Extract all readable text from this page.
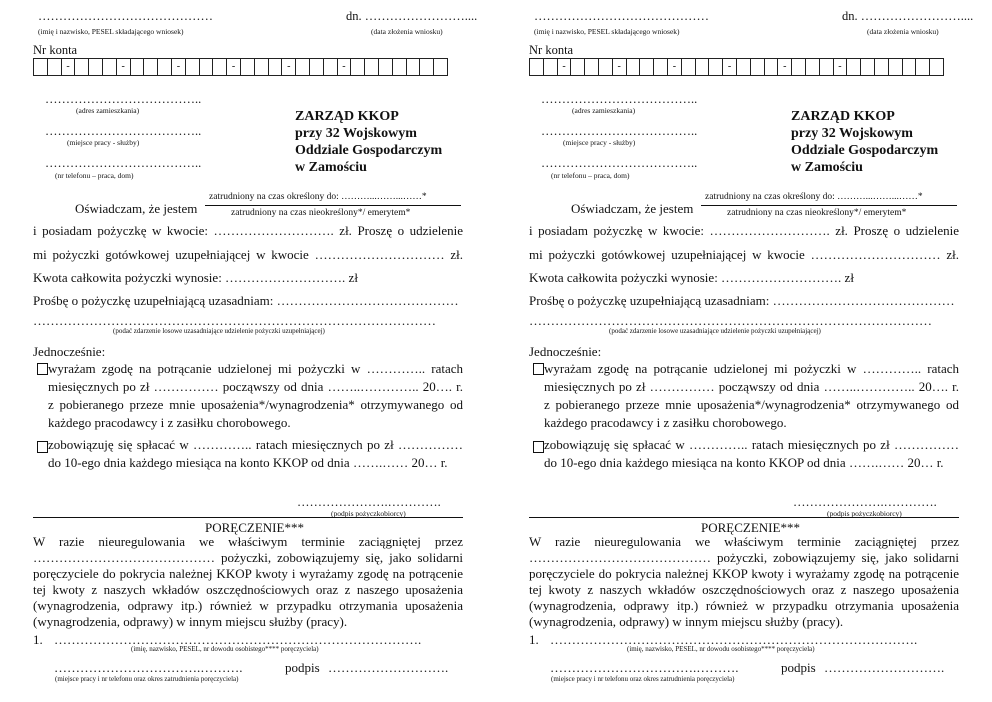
……………………………………
(imię i nazwisko, PESEL składającego wniosek)
dn. ……………………....
(data złożenia wniosku)
Nr konta
-	-	-	-	-	-
………………………………..
(adres zamieszkania)
………………………………..
(miejsce pracy - służby)
………………………………..
(nr telefonu – praca, dom)
ZARZĄD KKOP
przy 32 Wojskowym
Oddziale Gospodarczym
w Zamościu
Oświadczam, że jestem
zatrudniony na czas określony do: ………...……...……*
zatrudniony na czas nieokreślony*/ emerytem*
i posiadam pożyczkę w kwocie: ………………………. zł. Proszę o udzielenie
mi pożyczki gotówkowej uzupełniającej w kwocie ………………………… zł.
Kwota całkowita pożyczki wynosie: ………………………. zł
Prośbę o pożyczkę uzupełniającą uzasadniam: ……………………………………
…………………………………………………………………………………
(podać zdarzenie losowe uzasadniające udzielenie pożyczki uzupełniającej)
Jednocześnie:
wyrażam zgodę na potrącanie udzielonej mi pożyczki w ………….. ratach
miesięcznych po zł …………… począwszy od dnia ……..………….. 20…. r.
z pobieranego przeze mnie uposażenia*/wynagrodzenia* otrzymywanego od
każdego pracodawcy i z zasiłku chorobowego.
zobowiązuję się spłacać w ………….. ratach miesięcznych po zł ……………
do 10-ego dnia każdego miesiąca na konto KKOP od dnia …….…… 20… r.
………………….………….
(podpis pożyczkobiorcy)
PORĘCZENIE***
W razie nieuregulowania we właściwym terminie zaciągniętej przez
…………………………………… pożyczki, zobowiązujemy się, jako solidarni
poręczyciele do pokrycia należnej KKOP kwoty i wyrażamy zgodę na potrącenie
tej kwoty z naszych wkładów oszczędnościowych oraz z naszego uposażenia
(wynagrodzenia, odprawy itp.) również w przypadku otrzymania uposażenia
(wynagrodzenia, odprawy) w innym miejscu służby (pracy).
1. ………………………………………………………………………….
(imię, nazwisko, PESEL, nr dowodu osobistego**** poręczyciela)
…………………………….……….	podpis ……………………….
(miejsce pracy i nr telefonu oraz okres zatrudnienia poręczyciela)
……………………………………
(imię i nazwisko, PESEL składającego wniosek)
dn. ……………………....
(data złożenia wniosku)
Nr konta
-	-	-	-	-	-
………………………………..
(adres zamieszkania)
………………………………..
(miejsce pracy - służby)
………………………………..
(nr telefonu – praca, dom)
ZARZĄD KKOP
przy 32 Wojskowym
Oddziale Gospodarczym
w Zamościu
Oświadczam, że jestem
zatrudniony na czas określony do: ………...……...……*
zatrudniony na czas nieokreślony*/ emerytem*
i posiadam pożyczkę w kwocie: ………………………. zł. Proszę o udzielenie
mi pożyczki gotówkowej uzupełniającej w kwocie ………………………… zł.
Kwota całkowita pożyczki wynosie: ………………………. zł
Prośbę o pożyczkę uzupełniającą uzasadniam: ……………………………………
…………………………………………………………………………………
(podać zdarzenie losowe uzasadniające udzielenie pożyczki uzupełniającej)
Jednocześnie:
wyrażam zgodę na potrącanie udzielonej mi pożyczki w ………….. ratach
miesięcznych po zł …………… począwszy od dnia ……..………….. 20…. r.
z pobieranego przeze mnie uposażenia*/wynagrodzenia* otrzymywanego od
każdego pracodawcy i z zasiłku chorobowego.
zobowiązuję się spłacać w ………….. ratach miesięcznych po zł ……………
do 10-ego dnia każdego miesiąca na konto KKOP od dnia …….…… 20… r.
………………….………….
(podpis pożyczkobiorcy)
PORĘCZENIE***
W razie nieuregulowania we właściwym terminie zaciągniętej przez
…………………………………… pożyczki, zobowiązujemy się, jako solidarni
poręczyciele do pokrycia należnej KKOP kwoty i wyrażamy zgodę na potrącenie
tej kwoty z naszych wkładów oszczędnościowych oraz z naszego uposażenia
(wynagrodzenia, odprawy itp.) również w przypadku otrzymania uposażenia
(wynagrodzenia, odprawy) w innym miejscu służby (pracy).
1. ………………………………………………………………………….
(imię, nazwisko, PESEL, nr dowodu osobistego**** poręczyciela)
…………………………….……….	podpis ……………………….
(miejsce pracy i nr telefonu oraz okres zatrudnienia poręczyciela)
